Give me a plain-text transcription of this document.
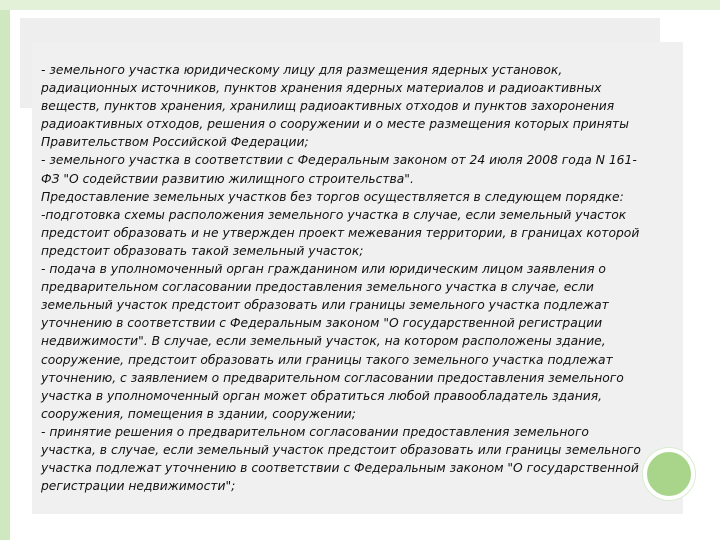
- земельного участка юридическому лицу для размещения ядерных установок,
радиационных источников, пунктов хранения ядерных материалов и радиоактивных
веществ, пунктов хранения, хранилищ радиоактивных отходов и пунктов захоронения
радиоактивных отходов, решения о сооружении и о месте размещения которых приняты
Правительством Российской Федерации;
- земельного участка в соответствии с Федеральным законом от 24 июля 2008 года N 161-
ФЗ "О содействии развитию жилищного строительства".
Предоставление земельных участков без торгов осуществляется в следующем порядке:
-подготовка схемы расположения земельного участка в случае, если земельный участок
предстоит образовать и не утвержден проект межевания территории, в границах которой
предстоит образовать такой земельный участок;
- подача в уполномоченный орган гражданином или юридическим лицом заявления о
предварительном согласовании предоставления земельного участка в случае, если
земельный участок предстоит образовать или границы земельного участка подлежат
уточнению в соответствии с Федеральным законом "О государственной регистрации
недвижимости". В случае, если земельный участок, на котором расположены здание,
сооружение, предстоит образовать или границы такого земельного участка подлежат
уточнению, с заявлением о предварительном согласовании предоставления земельного
участка в уполномоченный орган может обратиться любой правообладатель здания,
сооружения, помещения в здании, сооружении;
- принятие решения о предварительном согласовании предоставления земельного
участка, в случае, если земельный участок предстоит образовать или границы земельного
участка подлежат уточнению в соответствии с Федеральным законом "О государственной
регистрации недвижимости";
